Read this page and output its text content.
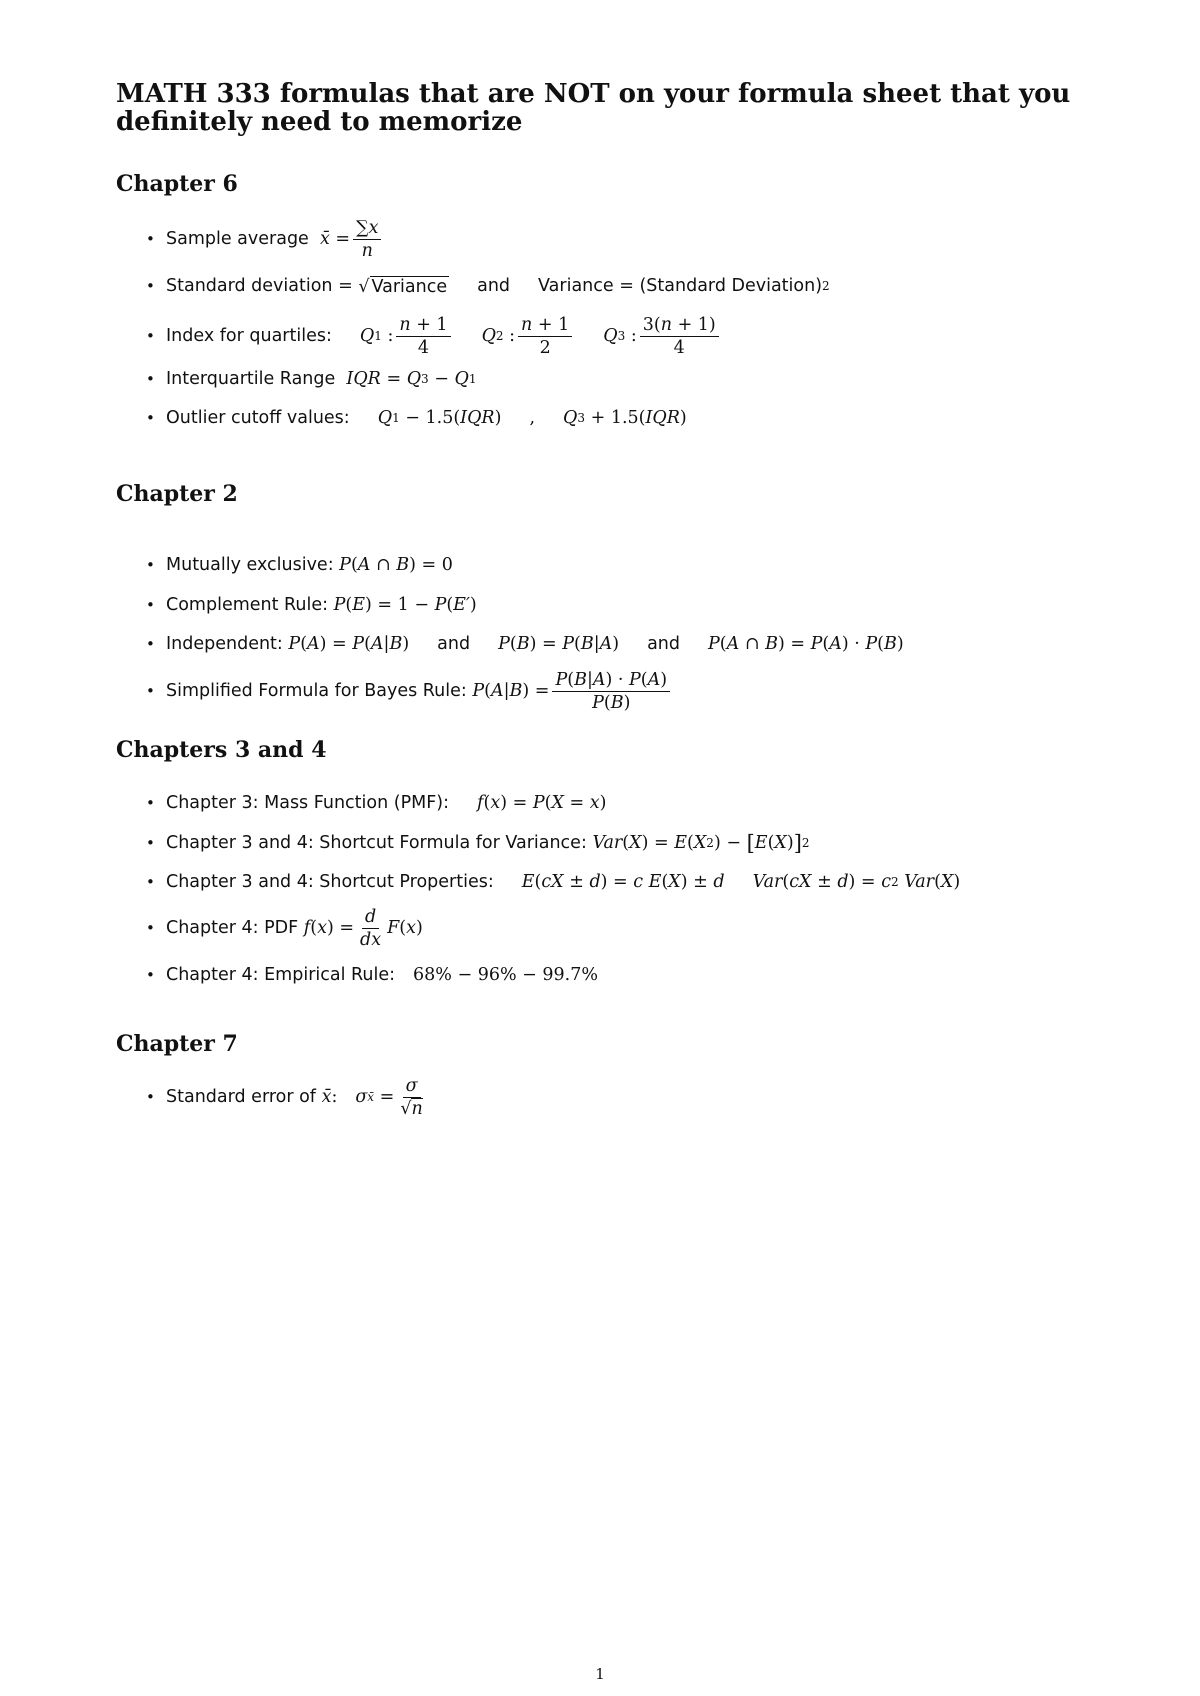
MATH 333 formulas that are NOT on your formula sheet that you definitely need to memorize
Chapter 6
• Sample average
x̄
= $\frac{\sum x}{n}$
• Standard deviation
=
√ Variance and Variance
=
(Standard Deviation) 2
• Index for quartiles: Q 1
: $\frac{n + 1}{4}$ Q 2
: $\frac{n + 1}{2}$ Q 3
: $\frac{3(n + 1)}{4}$
• Interquartile Range
IQR
=
Q 3
−
Q 1
• Outlier cutoff values: Q 1
− 1.5( IQR ) , Q 3
+ 1.5( IQR )
Chapter 2
• Mutually exclusive:
P ( A
∩
B ) = 0
• Complement Rule:
P ( E ) = 1 −
P ( E′ )
• Independent:
P ( A ) =
P ( A | B ) and P ( B ) =
P ( B | A ) and P ( A
∩
B ) =
P ( A ) ·
P ( B )
• Simplified Formula for Bayes Rule:
P ( A | B ) = $\frac{P(B|A) \cdot P(A)}{P(B)}$
Chapters 3 and 4
• Chapter 3: Mass Function (PMF): f ( x ) =
P ( X
=
x )
• Chapter 3 and 4: Shortcut Formula for Variance:
Var ( X ) =
E ( X 2 ) −
[ E ( X ) ] 2
• Chapter 3 and 4: Shortcut Properties: E ( cX
±
d ) =
c E ( X ) ±
d Var ( cX
±
d ) =
c 2
Var ( X )
• Chapter 4: PDF
f ( x ) = $\frac{d}{dx}$ F ( x )
• Chapter 4: Empirical Rule: 68% − 96% − 99.7%
Chapter 7
• Standard error of
x̄ : σ x̄
= $\frac{\sigma}{√n}$
1
